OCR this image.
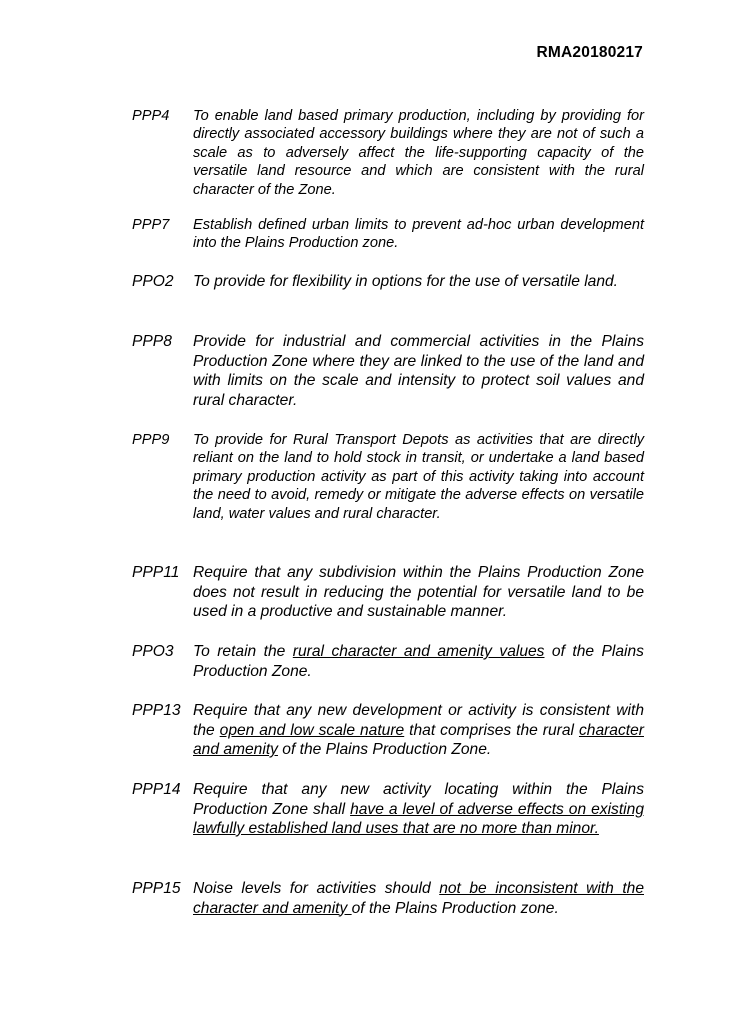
RMA20180217
PPP4 To enable land based primary production, including by providing for directly associated accessory buildings where they are not of such a scale as to adversely affect the life-supporting capacity of the versatile land resource and which are consistent with the rural character of the Zone.
PPP7 Establish defined urban limits to prevent ad-hoc urban development into the Plains Production zone.
PPO2 To provide for flexibility in options for the use of versatile land.
PPP8 Provide for industrial and commercial activities in the Plains Production Zone where they are linked to the use of the land and with limits on the scale and intensity to protect soil values and rural character.
PPP9 To provide for Rural Transport Depots as activities that are directly reliant on the land to hold stock in transit, or undertake a land based primary production activity as part of this activity taking into account the need to avoid, remedy or mitigate the adverse effects on versatile land, water values and rural character.
PPP11 Require that any subdivision within the Plains Production Zone does not result in reducing the potential for versatile land to be used in a productive and sustainable manner.
PPO3 To retain the rural character and amenity values of the Plains Production Zone.
PPP13 Require that any new development or activity is consistent with the open and low scale nature that comprises the rural character and amenity of the Plains Production Zone.
PPP14 Require that any new activity locating within the Plains Production Zone shall have a level of adverse effects on existing lawfully established land uses that are no more than minor.
PPP15 Noise levels for activities should not be inconsistent with the character and amenity of the Plains Production zone.
